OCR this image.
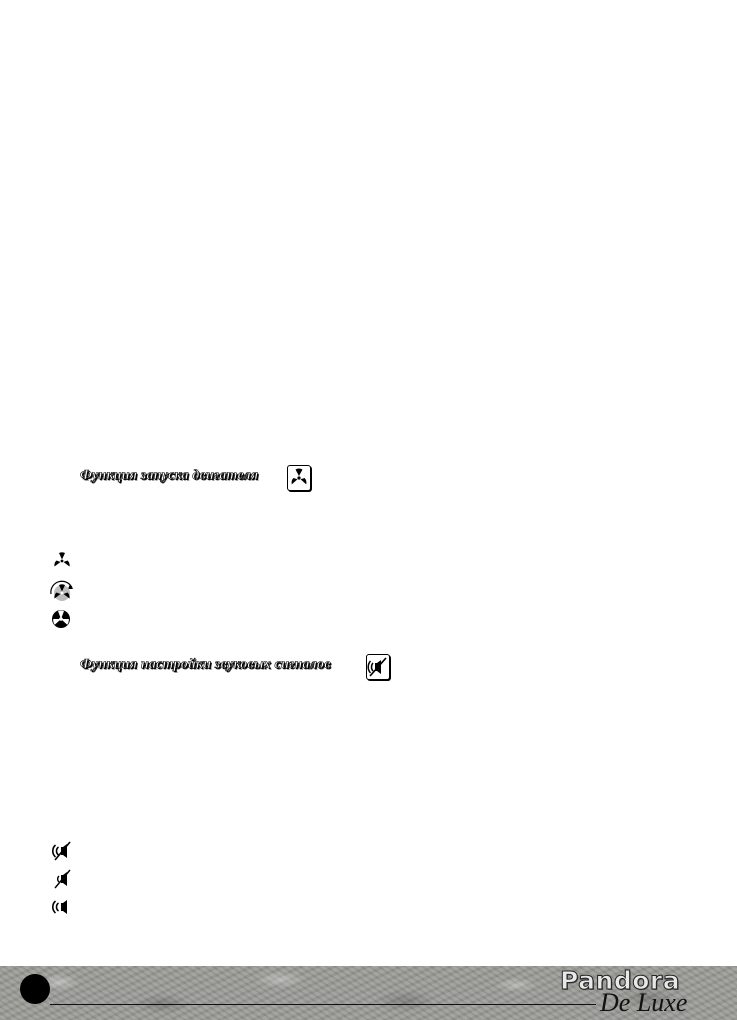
Функция запуска двигателя
Функция настройки звуковых сигналов
Pandora
De Luxe
